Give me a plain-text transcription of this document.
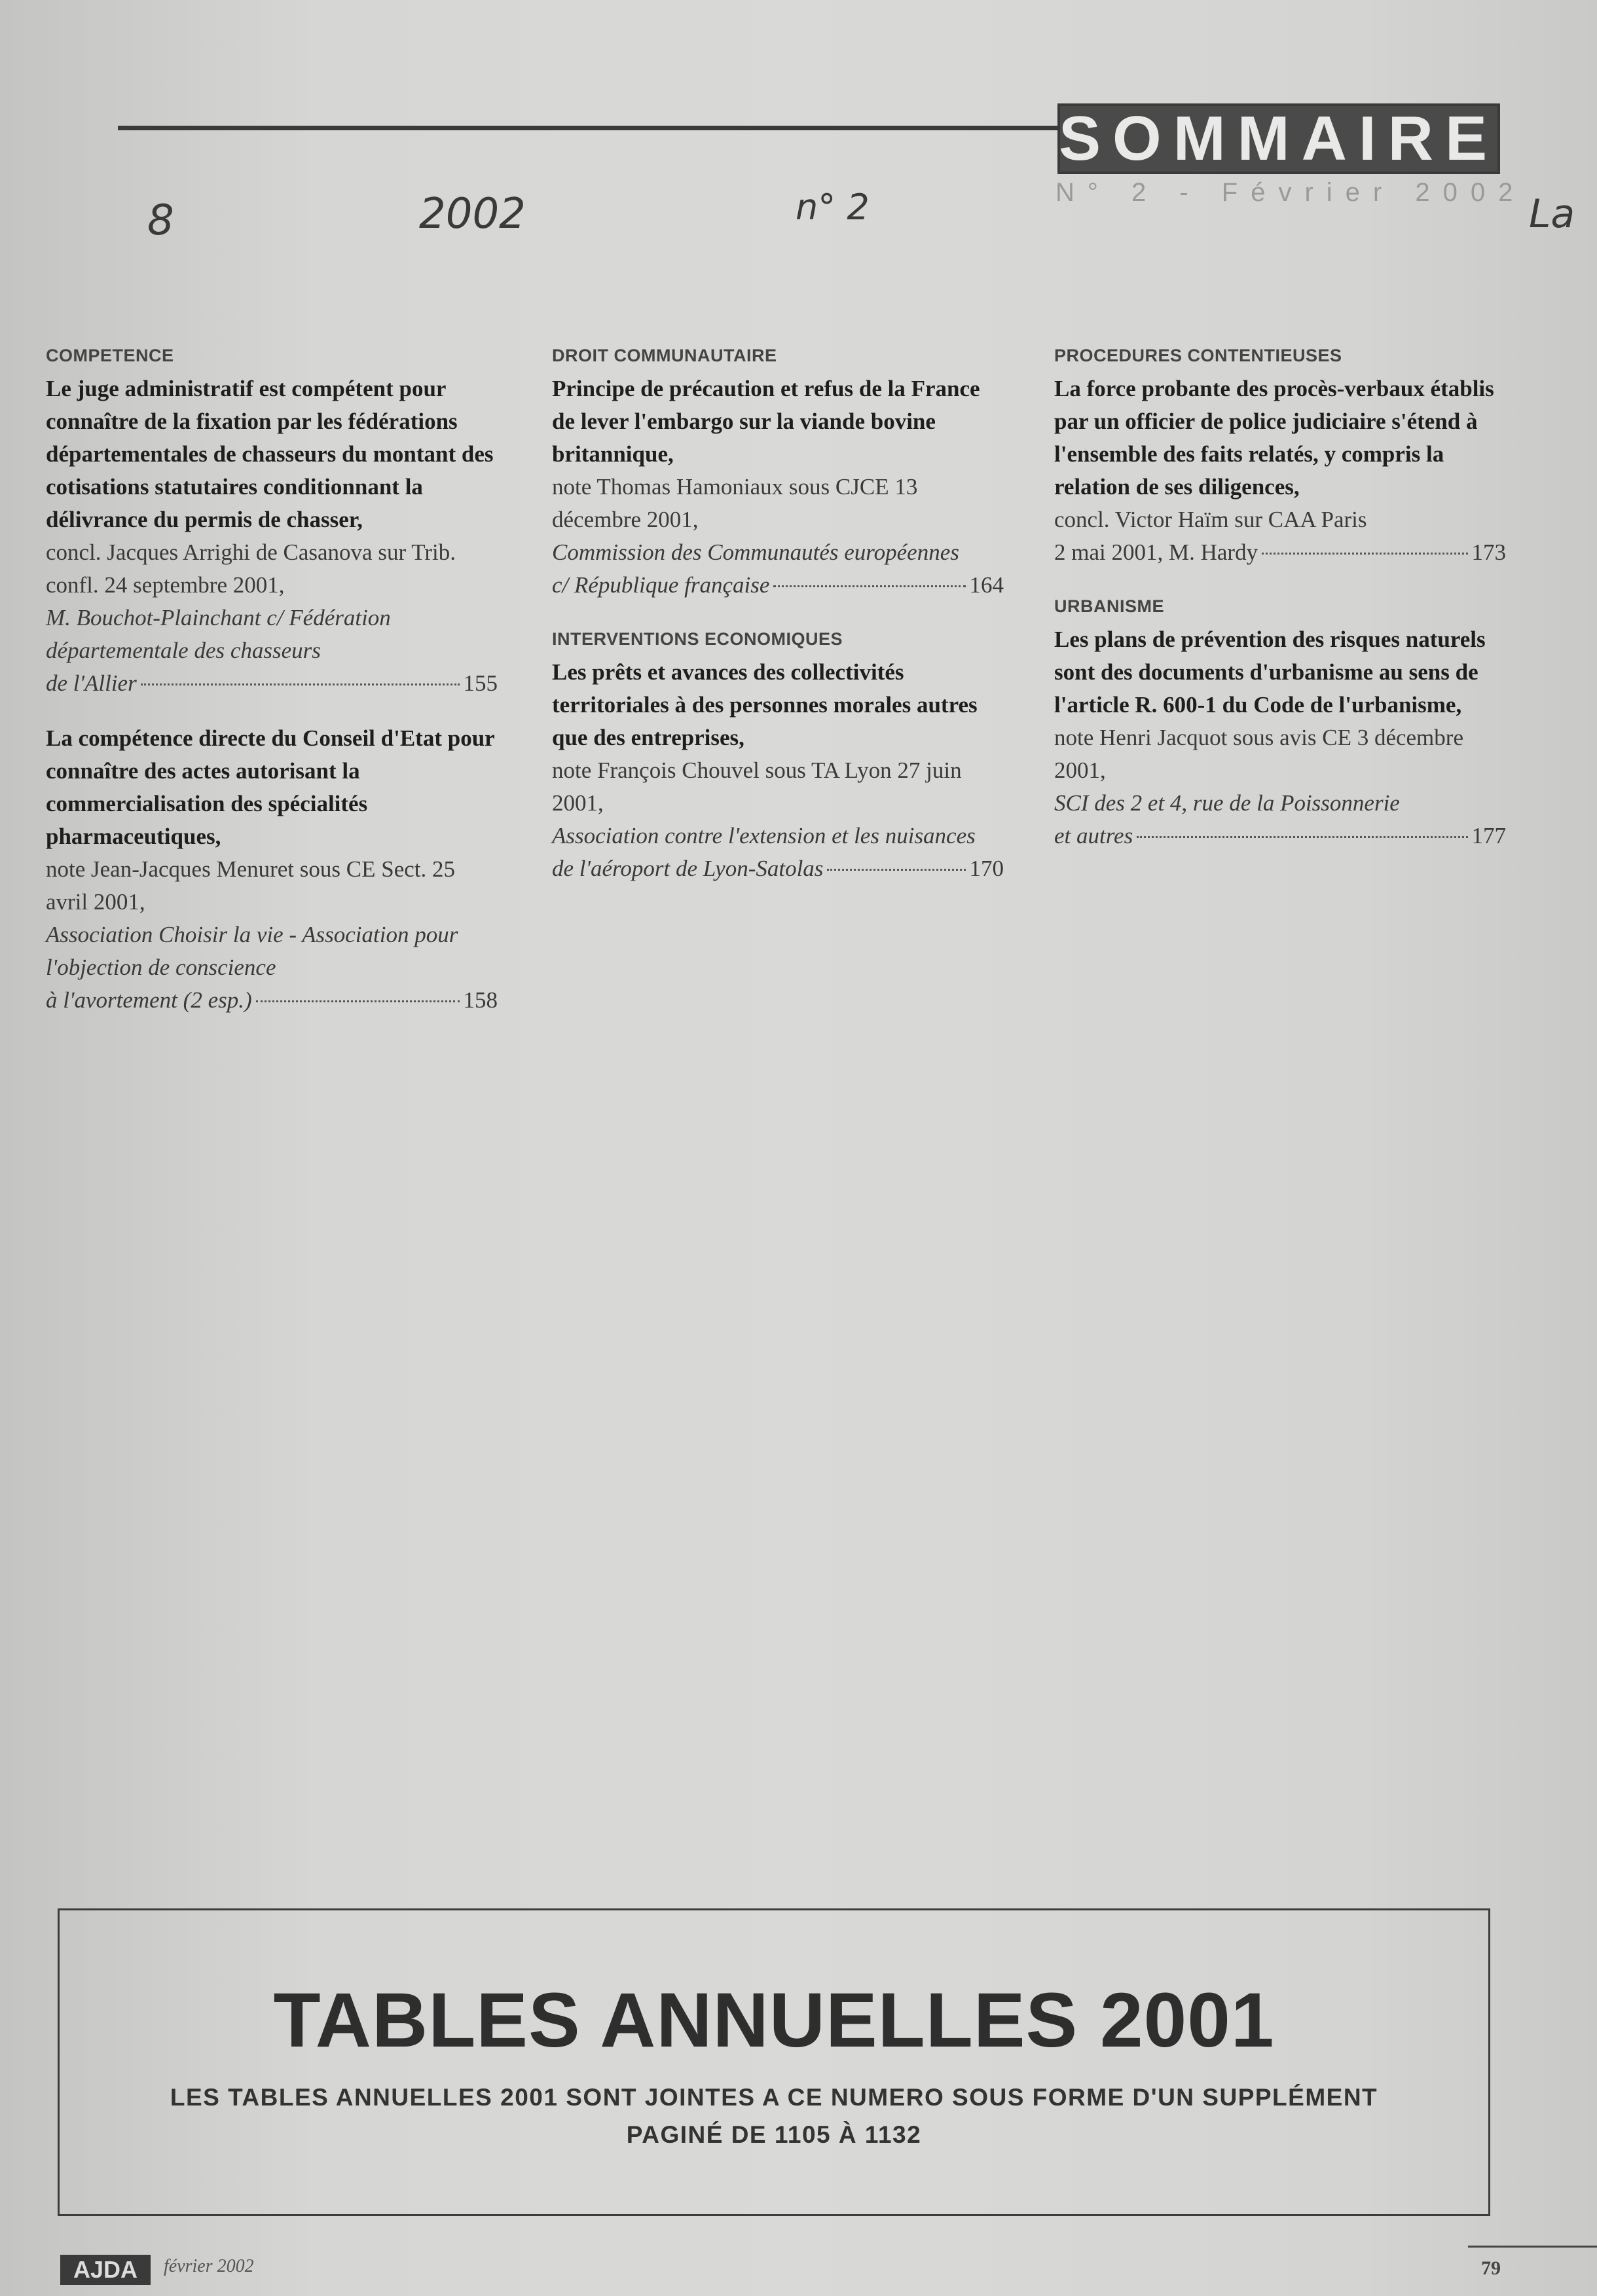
SOMMAIRE
N° 2 - Février 2002
8	2002	n° 2	La
COMPETENCE
Le juge administratif est compétent pour connaître de la fixation par les fédérations départementales de chasseurs du montant des cotisations statutaires conditionnant la délivrance du permis de chasser,
concl. Jacques Arrighi de Casanova sur Trib. confl. 24 septembre 2001,
M. Bouchot-Plainchant c/ Fédération départementale des chasseurs
de l'Allier	155
La compétence directe du Conseil d'Etat pour connaître des actes autorisant la commercialisation des spécialités pharmaceutiques,
note Jean-Jacques Menuret sous CE Sect. 25 avril 2001,
Association Choisir la vie - Association pour l'objection de conscience
à l'avortement (2 esp.)	158
DROIT COMMUNAUTAIRE
Principe de précaution et refus de la France de lever l'embargo sur la viande bovine britannique,
note Thomas Hamoniaux sous CJCE 13 décembre 2001,
Commission des Communautés européennes
c/ République française	164
INTERVENTIONS ECONOMIQUES
Les prêts et avances des collectivités territoriales à des personnes morales autres que des entreprises,
note François Chouvel sous TA Lyon 27 juin 2001,
Association contre l'extension et les nuisances
de l'aéroport de Lyon-Satolas	170
PROCEDURES CONTENTIEUSES
La force probante des procès-verbaux établis par un officier de police judiciaire s'étend à l'ensemble des faits relatés, y compris la relation de ses diligences,
concl. Victor Haïm sur CAA Paris
2 mai 2001, M. Hardy	173
URBANISME
Les plans de prévention des risques naturels sont des documents d'urbanisme au sens de l'article R. 600-1 du Code de l'urbanisme,
note Henri Jacquot sous avis CE 3 décembre 2001,
SCI des 2 et 4, rue de la Poissonnerie
et autres	177
TABLES ANNUELLES 2001
LES TABLES ANNUELLES 2001 SONT JOINTES A CE NUMERO SOUS FORME D'UN SUPPLÉMENT
PAGINÉ DE 1105 À 1132
AJDA	février 2002	79
